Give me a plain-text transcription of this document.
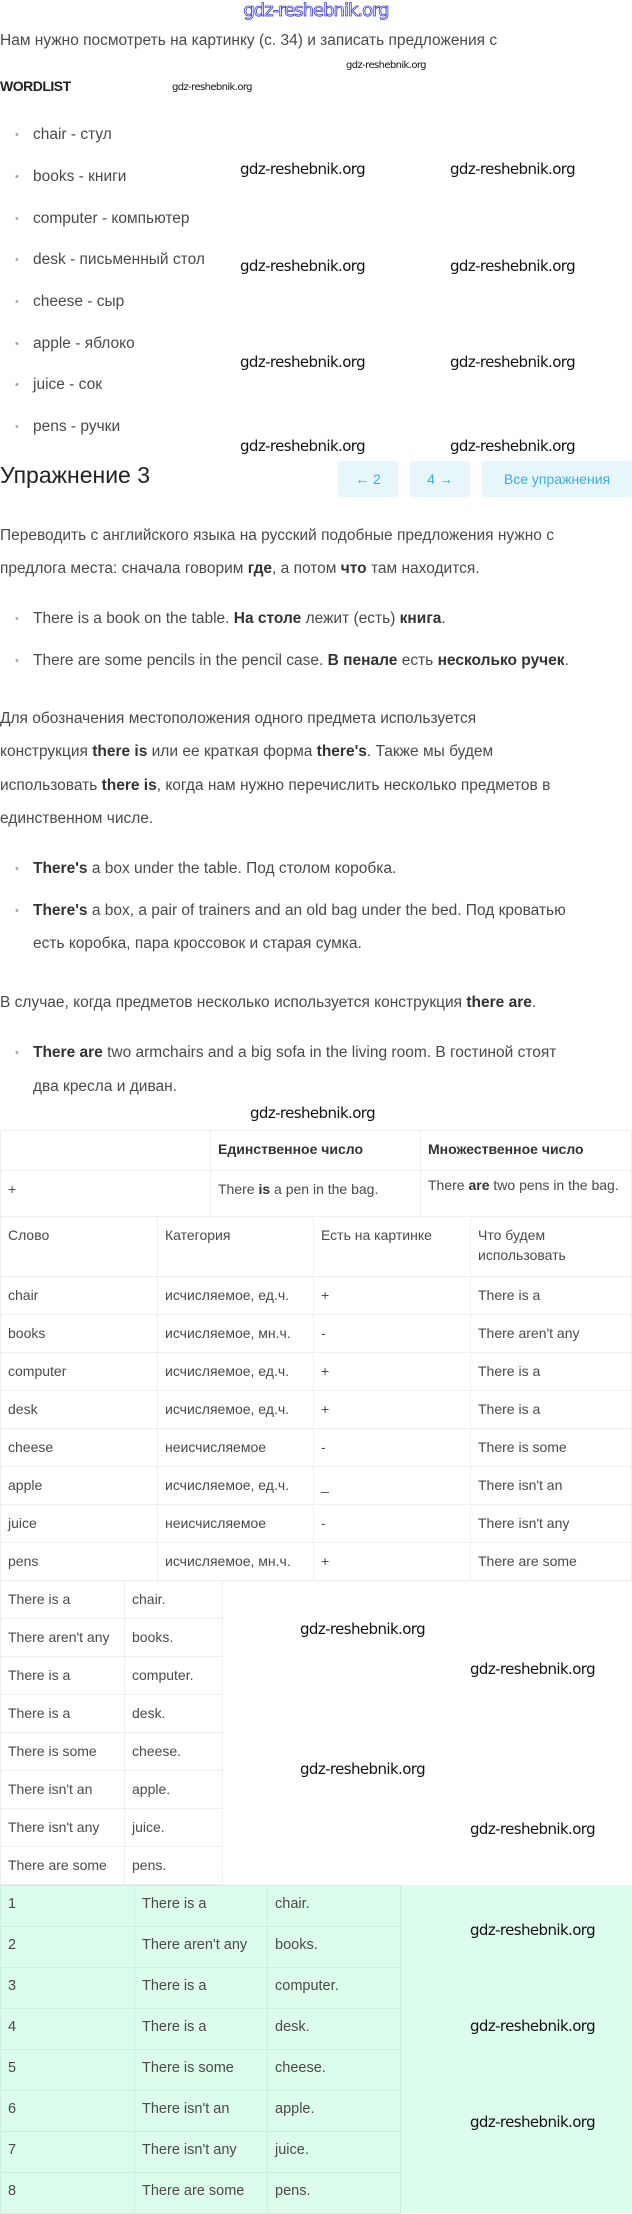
gdz-reshebnik.org
Нам нужно посмотреть на картинку (с. 34) и записать предложения с
WORDLIST
• chair - стул
• books - книги
• computer - компьютер
• desk - письменный стол
• cheese - сыр
• apple - яблоко
• juice - сок
• pens - ручки
Упражнение 3	← 2	4 →	Все упражнения
Переводить с английского языка на русский подобные предложения нужно с
предлога места: сначала говорим где, а потом что там находится.
• There is a book on the table. На столе лежит (есть) книга.
• There are some pencils in the pencil case. В пенале есть несколько ручек.
Для обозначения местоположения одного предмета используется
конструкция there is или ее краткая форма there's. Также мы будем
использовать there is, когда нам нужно перечислить несколько предметов в
единственном числе.
• There's a box under the table. Под столом коробка.
• There's a box, a pair of trainers and an old bag under the bed. Под кроватью
есть коробка, пара кроссовок и старая сумка.
В случае, когда предметов несколько используется конструкция there are.
• There are two armchairs and a big sofa in the living room. В гостиной стоят
два кресла и диван.
	Единственное число	Множественное число
+	There is a pen in the bag.	There are two pens in the bag.
Слово	Категория	Есть на картинке	Что будем использовать
chair	исчисляемое, ед.ч.	+	There is a
books	исчисляемое, мн.ч.	-	There aren't any
computer	исчисляемое, ед.ч.	+	There is a
desk	исчисляемое, ед.ч.	+	There is a
cheese	неисчисляемое	-	There is some
apple	исчисляемое, ед.ч.	_	There isn't an
juice	неисчисляемое	-	There isn't any
pens	исчисляемое, мн.ч.	+	There are some
There is a	chair.
There aren't any	books.
There is a	computer.
There is a	desk.
There is some	cheese.
There isn't an	apple.
There isn't any	juice.
There are some	pens.
1	There is a	chair.
2	There aren't any	books.
3	There is a	computer.
4	There is a	desk.
5	There is some	cheese.
6	There isn't an	apple.
7	There isn't any	juice.
8	There are some	pens.
gdz-reshebnik.org
gdz-reshebnik.org
gdz-reshebnik.org	gdz-reshebnik.org
gdz-reshebnik.org	gdz-reshebnik.org
gdz-reshebnik.org	gdz-reshebnik.org
gdz-reshebnik.org	gdz-reshebnik.org
gdz-reshebnik.org
gdz-reshebnik.org
gdz-reshebnik.org
gdz-reshebnik.org
gdz-reshebnik.org
gdz-reshebnik.org
gdz-reshebnik.org
gdz-reshebnik.org
